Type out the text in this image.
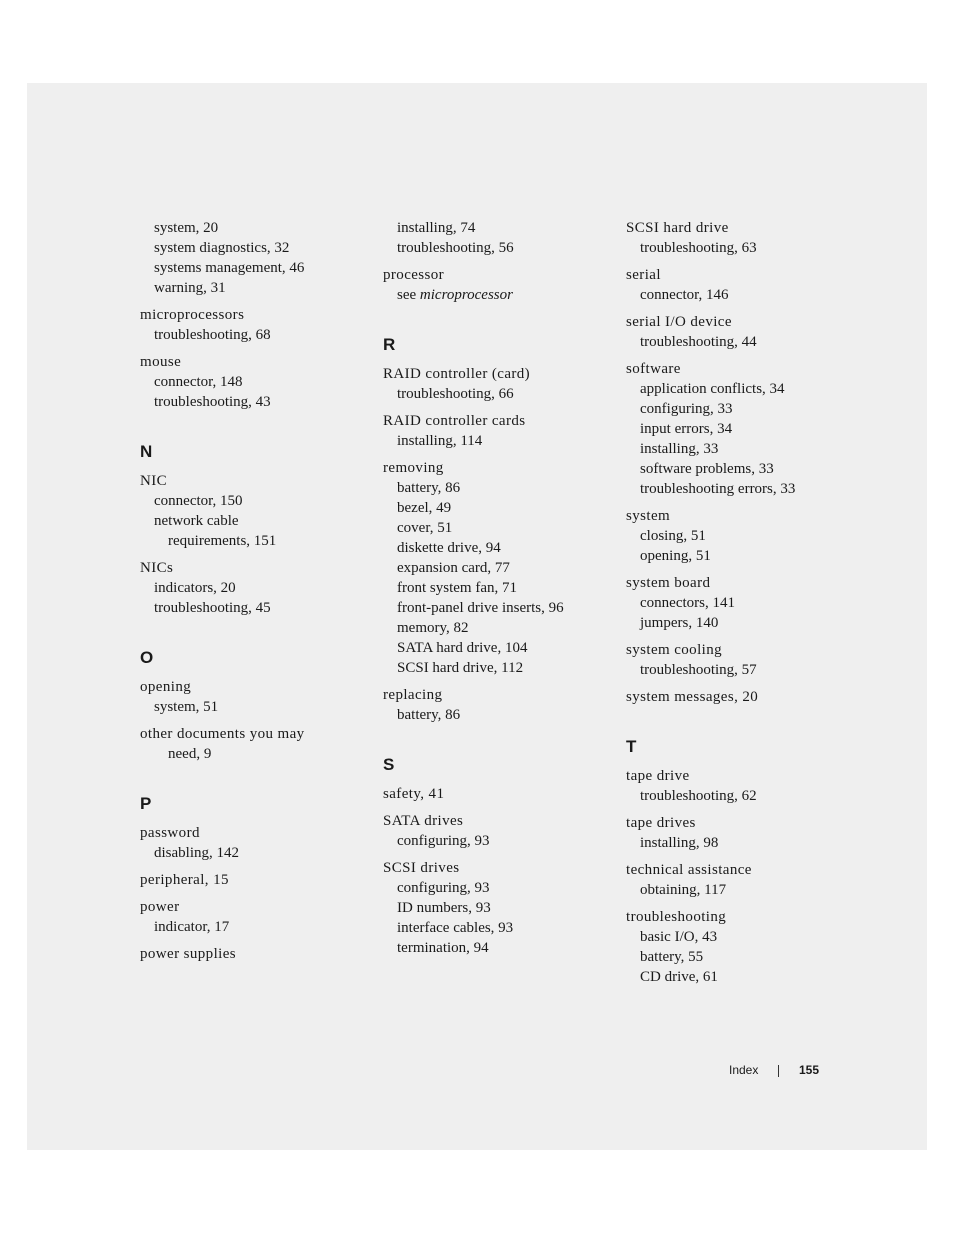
system, 20
system diagnostics, 32
systems management, 46
warning, 31
microprocessors
troubleshooting, 68
mouse
connector, 148
troubleshooting, 43
N
NIC
connector, 150
network cable
requirements, 151
NICs
indicators, 20
troubleshooting, 45
O
opening
system, 51
other documents you may
need, 9
P
password
disabling, 142
peripheral, 15
power
indicator, 17
power supplies
installing, 74
troubleshooting, 56
processor
see microprocessor
R
RAID controller (card)
troubleshooting, 66
RAID controller cards
installing, 114
removing
battery, 86
bezel, 49
cover, 51
diskette drive, 94
expansion card, 77
front system fan, 71
front-panel drive inserts, 96
memory, 82
SATA hard drive, 104
SCSI hard drive, 112
replacing
battery, 86
S
safety, 41
SATA drives
configuring, 93
SCSI drives
configuring, 93
ID numbers, 93
interface cables, 93
termination, 94
SCSI hard drive
troubleshooting, 63
serial
connector, 146
serial I/O device
troubleshooting, 44
software
application conflicts, 34
configuring, 33
input errors, 34
installing, 33
software problems, 33
troubleshooting errors, 33
system
closing, 51
opening, 51
system board
connectors, 141
jumpers, 140
system cooling
troubleshooting, 57
system messages, 20
T
tape drive
troubleshooting, 62
tape drives
installing, 98
technical assistance
obtaining, 117
troubleshooting
basic I/O, 43
battery, 55
CD drive, 61
Index	155
